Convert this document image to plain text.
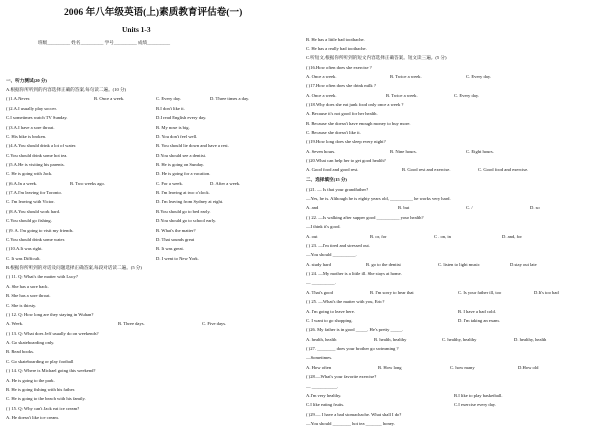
2006 年八年级英语(上)素质教育评估卷(一)
Units 1-3
班级__________ 姓名__________ 学号__________ 成绩__________
一、听力测试(20 分)
A.根据你所听到的内容选择正确的答案,每句读二遍。(10 分)
( )1.A.Never.	B. Once a week.	C. Every day.	D. Three times a day.
( )2.A.I usually play soccer.	B.I don't like it.
C.I sometimes watch TV Sunday.	D.I read English every day.
( )3.A.I have a sore throat.	B. My nose is big.
C. His bike is broken.	D. You don't feel well.
( )4.A.You should drink a lot of water.	B. You should lie down and have a rest.
C.You should drink some hot tea.	D.You should see a dentist.
( )5.A.He is visiting his parents.	B. He is going on Sunday.
C. He is going with Jack.	D. He is going for a vacation.
( )6.A.In a week.	B. Two weeks ago.	C. For a week.	D. After a week.
( )7.A.I'm leaving for Toronto.	B. I'm leaving at two o'clock.
C. I'm leaving with Victor.	D. I'm leaving from Sydney at eight.
( )8.A.You should work hard.	B.You should go to bed early.
C.You should go fishing.	D.You should go to school early.
( )9. A. I'm going to visit my friends.	B. What's the matter?
C.You should drink some water.	D. That sounds great
( )10.A.It was right.	B. It was great.
C. It was Difficult.	D. I went to New York.
B.根据你所听到的对话及问题选择正确答案,每段对话读二遍。(5 分)
( ) 11. Q: What's the matter with Lucy?
A. She has a sore back.
B. She has a sore throat.
C. She is thirsty.
( ) 12. Q: How long are they staying in Wuhan?
A. Week.	B. Three days.	C. Five days.
( ) 13. Q: What does Jeff usually do on weekends?
A. Go skateboarding only.
B. Read books.
C. Go skateboarding or play football
( ) 14. Q: Where is Michael going this weekend?
A. He is going to the park.
B. He is going fishing with his father.
C. He is going to the beach with his family.
( ) 15. Q: Why can't Jack eat ice cream?
A. He doesn't like ice cream.
B. He has a little bad toothache.
C. He has a really bad toothache.
C.听短文,根据你所听到的短文内容选择正确答案。短文读三遍。(5 分)
( )16.How often does she exercise ?
A. Once a week.	B. Twice a week.	C. Every day.
( )17.How often does she drink milk ?
A. Once a week.	B. Twice a week.	C. Every day.
( )18.Why does she eat junk food only once a week ?
A. Because it's not good for her health.
B. Because she doesn't have enough money to buy more.
C. Because she doesn't like it.
( )19.How long does she sleep every night?
A. Seven hours.	B. Nine hours.	C. Eight hours.
( )20.What can help her to get good health?
A. Good food and good rest.	B. Good rest and exercise.	C. Good food and exercise.
二、选择填空(15 分)
( )21. — Is that your grandfather?
—Yes, he is. Although he is eighty years old, __________ he works very hard.
A. and	B. but	C. /	D. so
( ) 22. —Is walking after supper good __________ your health?
—I think it's good.
A. out	B. or, for	C . on, in	D. and, for
( ) 23. —I'm tired and stressed out.
—You should __________.
A. study hard	B. go to the dentist	C. listen to light music	D.stay out late
( ) 24. —My mother is a little ill. She stays at home.
— __________.
A. That's good	B. I'm sorry to hear that	C. Is your father ill, too	D.It's too bad
( ) 25. —What's the matter with you, Eric?
A. I'm going to leave here.	B. I have a bad cold.
C. I want to go shopping.	D. I'm taking an exam.
( )26. My father is in good _____. He's pretty _____.
A. health, health	B. health, healthy	C. healthy, healthy	D. healthy, health
( )27. ________ does your brother go swimming ?
—Sometimes.
A. How often	B. How long	C. how many	D.How old
( )28.—What's your favorite exercise?
— ___________.
A.I'm very healthy.	B.I like to play basketball.
C.I like eating fruits.	C.I exercise every day.
( )29.— I have a bad stomachache. What shall I do?
—You should ________ hot tea _______ honey.
